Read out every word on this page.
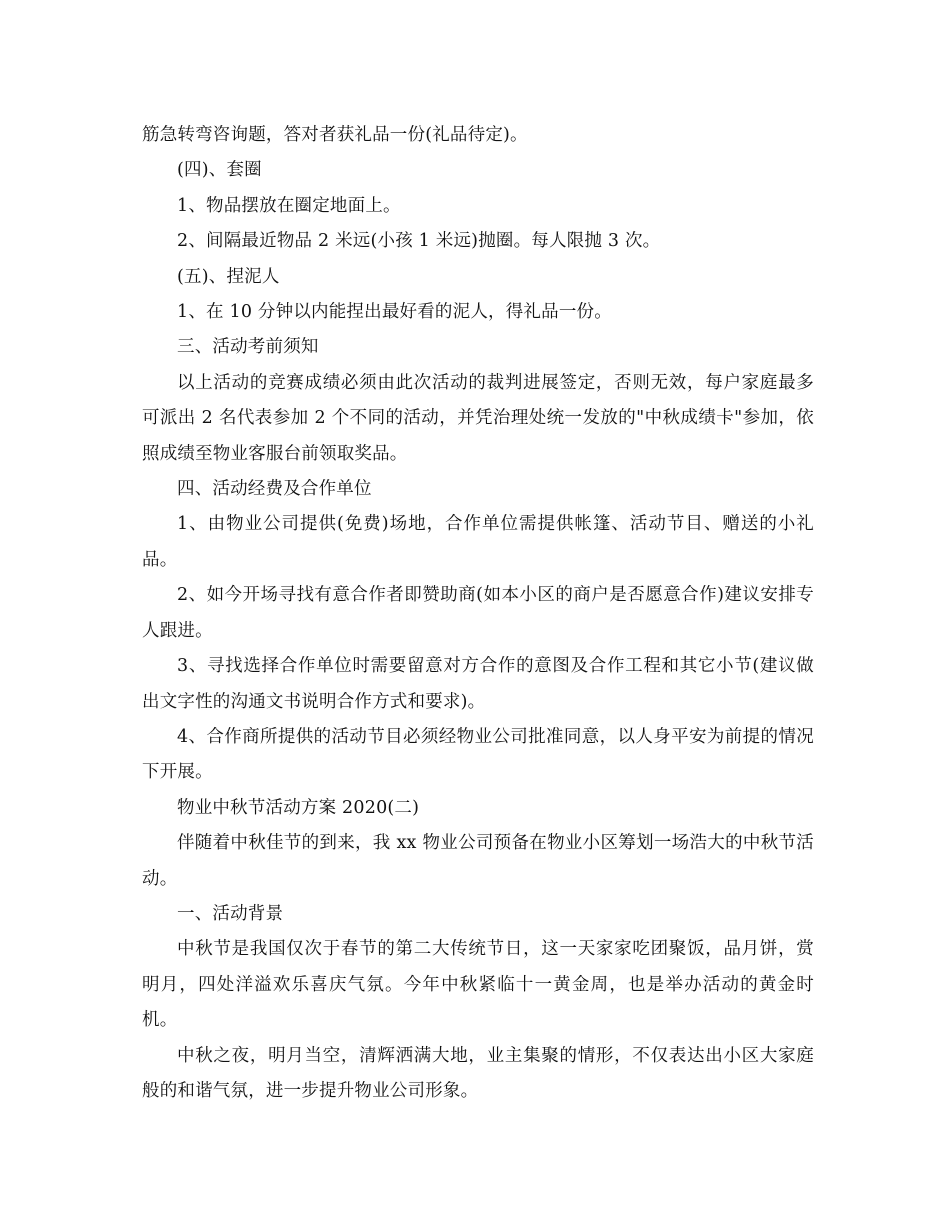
筋急转弯咨询题，答对者获礼品一份(礼品待定)。

(四)、套圈

1、物品摆放在圈定地面上。

2、间隔最近物品 2 米远(小孩 1 米远)抛圈。每人限抛 3 次。

(五)、捏泥人

1、在 10 分钟以内能捏出最好看的泥人，得礼品一份。

三、活动考前须知

以上活动的竞赛成绩必须由此次活动的裁判进展签定，否则无效，每户家庭最多可派出 2 名代表参加 2 个不同的活动，并凭治理处统一发放的"中秋成绩卡"参加，依照成绩至物业客服台前领取奖品。

四、活动经费及合作单位

1、由物业公司提供(免费)场地，合作单位需提供帐篷、活动节目、赠送的小礼品。

2、如今开场寻找有意合作者即赞助商(如本小区的商户是否愿意合作)建议安排专人跟进。

3、寻找选择合作单位时需要留意对方合作的意图及合作工程和其它小节(建议做出文字性的沟通文书说明合作方式和要求)。

4、合作商所提供的活动节目必须经物业公司批准同意，以人身平安为前提的情况下开展。

物业中秋节活动方案 2020(二)

伴随着中秋佳节的到来，我 xx 物业公司预备在物业小区筹划一场浩大的中秋节活动。

一、活动背景

中秋节是我国仅次于春节的第二大传统节日，这一天家家吃团聚饭，品月饼，赏明月，四处洋溢欢乐喜庆气氛。今年中秋紧临十一黄金周，也是举办活动的黄金时机。

中秋之夜，明月当空，清辉洒满大地，业主集聚的情形，不仅表达出小区大家庭般的和谐气氛，进一步提升物业公司形象。
